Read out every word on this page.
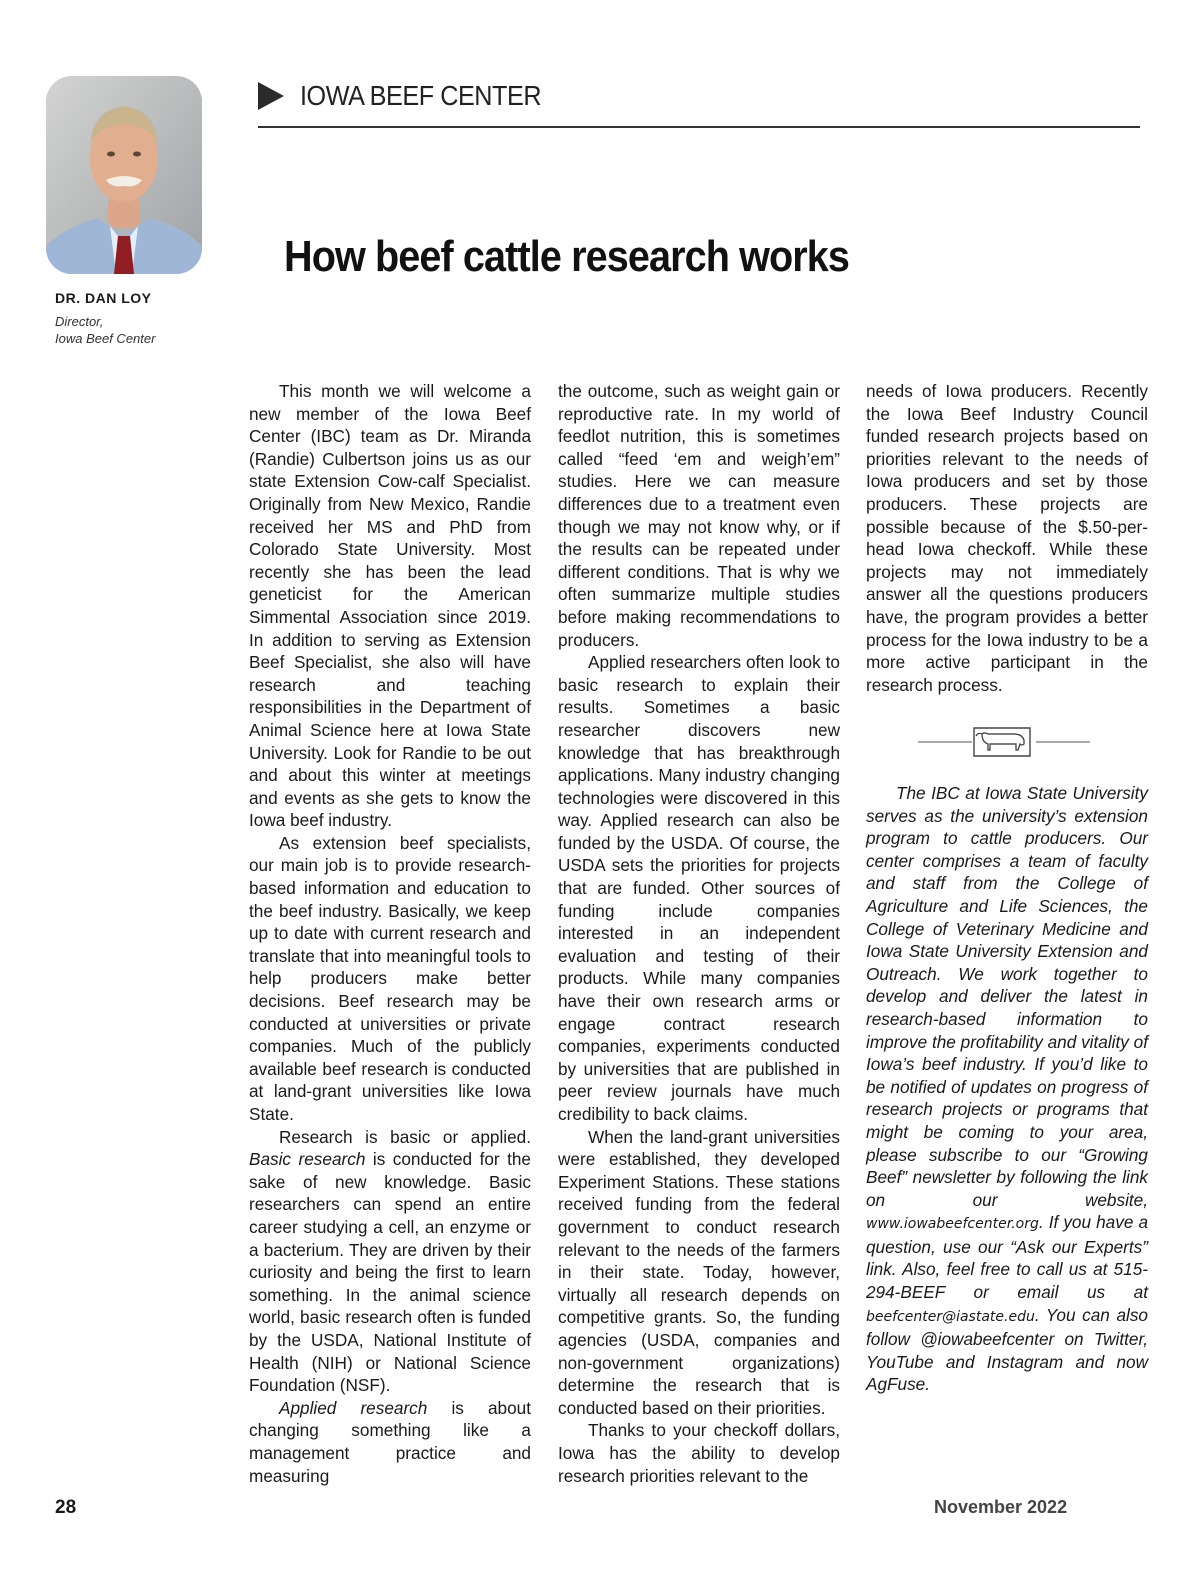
DR. DAN LOY
Director,
Iowa Beef Center
IOWA BEEF CENTER
How beef cattle research works

This month we will welcome a new member of the Iowa Beef Center (IBC) team as Dr. Miranda (Randie) Culbertson joins us as our state Extension Cow-calf Specialist. Originally from New Mexico, Randie received her MS and PhD from Colorado State University. Most recently she has been the lead geneticist for the American Simmental Association since 2019. In addition to serving as Extension Beef Specialist, she also will have research and teaching responsibilities in the Department of Animal Science here at Iowa State University. Look for Randie to be out and about this winter at meetings and events as she gets to know the Iowa beef industry.

As extension beef specialists, our main job is to provide research-based information and education to the beef industry. Basically, we keep up to date with current research and translate that into meaningful tools to help producers make better decisions. Beef research may be conducted at universities or private companies. Much of the publicly available beef research is conducted at land-grant universities like Iowa State.

Research is basic or applied. Basic research is conducted for the sake of new knowledge. Basic researchers can spend an entire career studying a cell, an enzyme or a bacterium. They are driven by their curiosity and being the first to learn something. In the animal science world, basic research often is funded by the USDA, National Institute of Health (NIH) or National Science Foundation (NSF).

Applied research is about changing something like a management practice and measuring

the outcome, such as weight gain or reproductive rate. In my world of feedlot nutrition, this is sometimes called “feed ‘em and weigh’em” studies. Here we can measure differences due to a treatment even though we may not know why, or if the results can be repeated under different conditions. That is why we often summarize multiple studies before making recommendations to producers.

Applied researchers often look to basic research to explain their results. Sometimes a basic researcher discovers new knowledge that has breakthrough applications. Many industry changing technologies were discovered in this way. Applied research can also be funded by the USDA. Of course, the USDA sets the priorities for projects that are funded. Other sources of funding include companies interested in an independent evaluation and testing of their products. While many companies have their own research arms or engage contract research companies, experiments conducted by universities that are published in peer review journals have much credibility to back claims.

When the land-grant universities were established, they developed Experiment Stations. These stations received funding from the federal government to conduct research relevant to the needs of the farmers in their state. Today, however, virtually all research depends on competitive grants. So, the funding agencies (USDA, companies and non-government organizations) determine the research that is conducted based on their priorities.

Thanks to your checkoff dollars, Iowa has the ability to develop research priorities relevant to the

needs of Iowa producers. Recently the Iowa Beef Industry Council funded research projects based on priorities relevant to the needs of Iowa producers and set by those producers. These projects are possible because of the $.50-per-head Iowa checkoff. While these projects may not immediately answer all the questions producers have, the program provides a better process for the Iowa industry to be a more active participant in the research process.

The IBC at Iowa State University serves as the university’s extension program to cattle producers. Our center comprises a team of faculty and staff from the College of Agriculture and Life Sciences, the College of Veterinary Medicine and Iowa State University Extension and Outreach. We work together to develop and deliver the latest in research-based information to improve the profitability and vitality of Iowa’s beef industry. If you’d like to be notified of updates on progress of research projects or programs that might be coming to your area, please subscribe to our “Growing Beef” newsletter by following the link on our website, www.iowabeefcenter.org. If you have a question, use our “Ask our Experts” link. Also, feel free to call us at 515-294-BEEF or email us at beefcenter@iastate.edu. You can also follow @iowabeefcenter on Twitter, YouTube and Instagram and now AgFuse.

28	November 2022
